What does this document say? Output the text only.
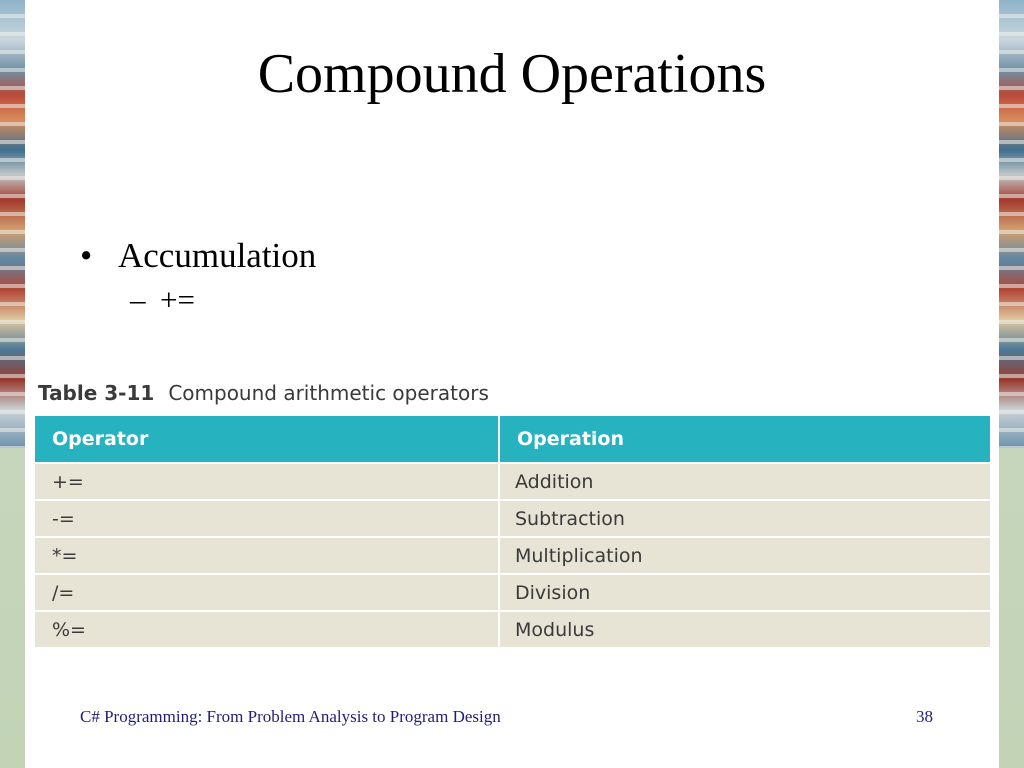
Compound Operations
• Accumulation
– +=
Table 3-11 Compound arithmetic operators
Operator	Operation
+=	Addition
-=	Subtraction
*=	Multiplication
/=	Division
%=	Modulus
C# Programming: From Problem Analysis to Program Design	38
